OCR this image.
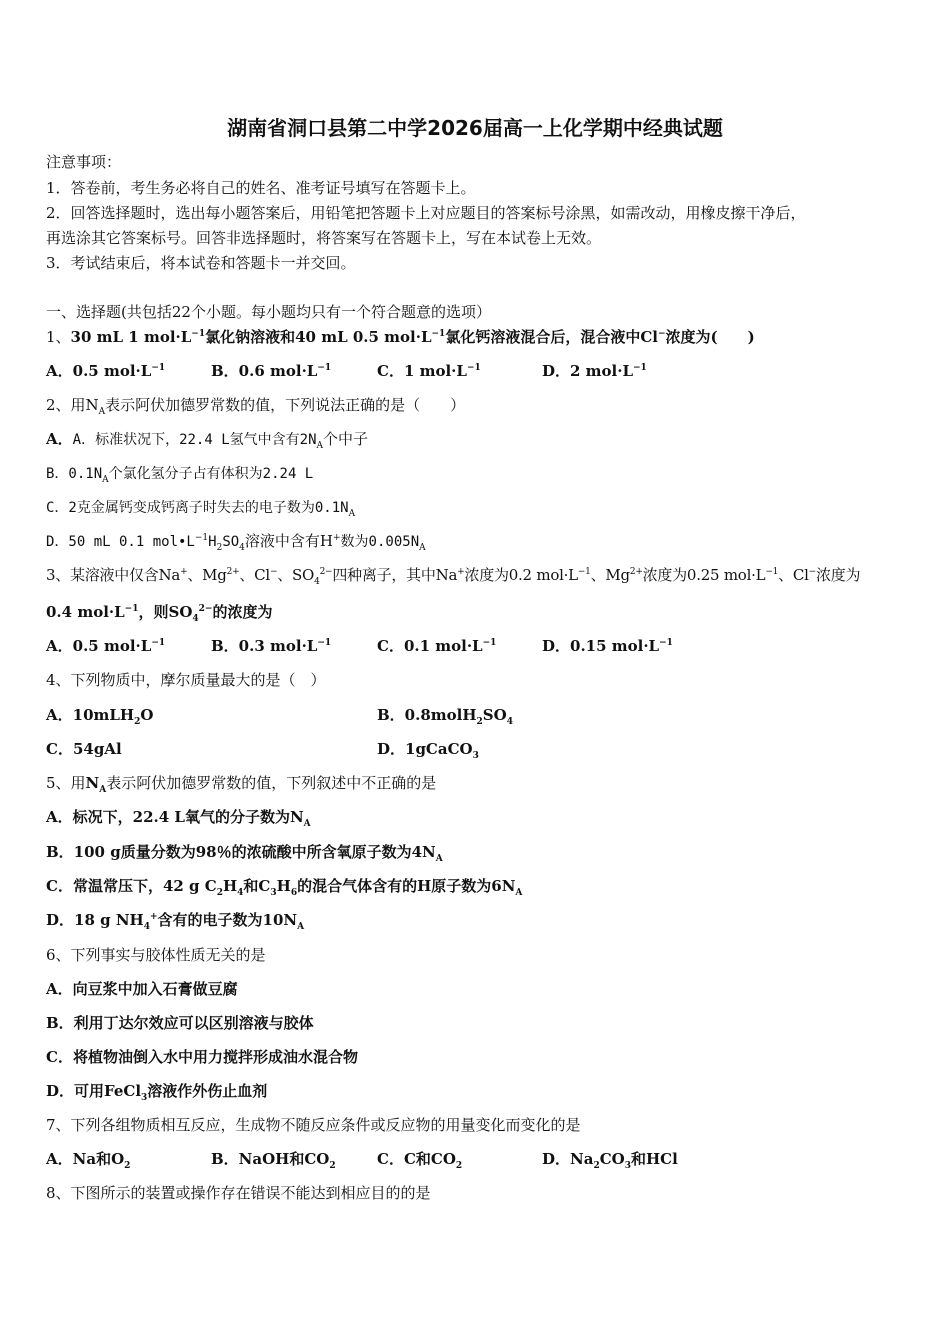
湖南省洞口县第二中学2026届高一上化学期中经典试题
注意事项：
1．答卷前，考生务必将自己的姓名、准考证号填写在答题卡上。
2．回答选择题时，选出每小题答案后，用铅笔把答题卡上对应题目的答案标号涂黑，如需改动，用橡皮擦干净后，
再选涂其它答案标号。回答非选择题时，将答案写在答题卡上，写在本试卷上无效。
3．考试结束后，将本试卷和答题卡一并交回。
一、选择题(共包括22个小题。每小题均只有一个符合题意的选项）
1、30 mL 1 $mol\cdot L^{-1}$氯化钠溶液和40 mL 0.5 $mol\cdot L^{-1}$氯化钙溶液混合后，混合液中Cl−浓度为(　　)
A．0.5 $mol\cdot L^{-1}$	B．0.6 $mol\cdot L^{-1}$	C．1 $mol\cdot L^{-1}$	D．2 $mol\cdot L^{-1}$
2、用$N_A$表示阿伏加德罗常数的值，下列说法正确的是（　　）
A．A．标准状况下，22.4 L氢气中含有$2N_A$个中子
B．$0.1N_A$个氯化氢分子占有体积为2.24 L
C．2克金属钙变成钙离子时失去的电子数为$0.1N_A$
D．50 mL 0.1 $mol•L^{-1}H_2SO_4$溶液中含有H+数为$0.005N_A$
3、某溶液中仅含Na+、$Mg^{2+}$、Cl−、$SO_4^{2-}$四种离子，其中Na+浓度为0.2 $mol\cdot L^{-1}$、$Mg^{2+}$浓度为0.25 $mol\cdot L^{-1}$、Cl−浓度为
0.4 $mol\cdot L^{-1}$，则$SO_4^{2-}$的浓度为
A．0.5 $mol\cdot L^{-1}$	B．0.3 $mol\cdot L^{-1}$	C．0.1 $mol\cdot L^{-1}$	D．0.15 $mol\cdot L^{-1}$
4、下列物质中，摩尔质量最大的是（　）
A．10mLH$_2$O	B．$0.8molH_2SO_4$
C．54gAl	D．1gCaCO$_3$
5、用$N_A$表示阿伏加德罗常数的值，下列叙述中不正确的是
A．标况下，22.4 L氧气的分子数为$N_A$
B．100 g质量分数为98％的浓硫酸中所含氧原子数为$4N_A$
C．常温常压下，42 g $C_2H_4$和$C_3H_6$的混合气体含有的H原子数为$6N_A$
D．18 g $NH_4^+$含有的电子数为$10N_A$
6、下列事实与胶体性质无关的是
A．向豆浆中加入石膏做豆腐
B．利用丁达尔效应可以区别溶液与胶体
C．将植物油倒入水中用力搅拌形成油水混合物
D．可用FeCl$_3$溶液作外伤止血剂
7、下列各组物质相互反应，生成物不随反应条件或反应物的用量变化而变化的是
A．Na和$O_2$	B．NaOH和$CO_2$	C．C和$CO_2$	D．$Na_2CO_3$和HCl
8、下图所示的装置或操作存在错误不能达到相应目的的是
